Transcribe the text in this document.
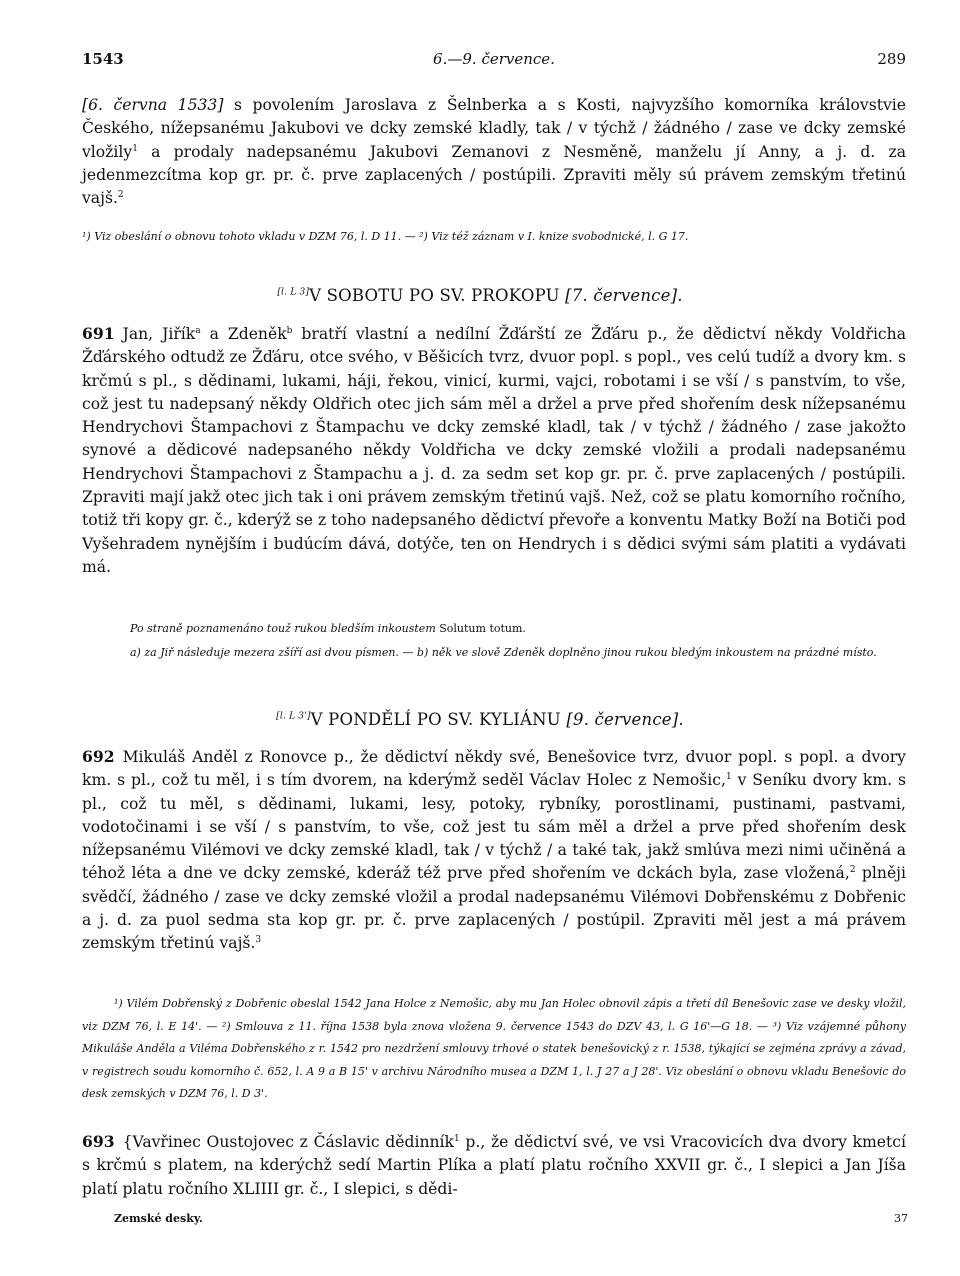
1543	6.—9. července.	289
[6. června 1533] s povolením Jaroslava z Šelnberka a s Kosti, najvyzšího komorníka královstvie Českého, nížepsanému Jakubovi ve dcky zemské kladly, tak / v týchž / žádného / zase ve dcky zemské vložily$^1$ a prodaly nadepsanému Jakubovi Zemanovi z Nesměně, manželu jí Anny, a j. d. za jedenmezcítma kop gr. pr. č. prve zaplacených / postúpili. Zpraviti měly sú právem zemským třetinú vajš.$^2$
¹) Viz obeslání o obnovu tohoto vkladu v DZM 76, l. D 11. — ²) Viz též záznam v I. knize svobodnické, l. G 17.
[l. L 3]V SOBOTU PO SV. PROKOPU [7. července].
691 Jan, Jiřík$^a$ a Zdeněk$^b$ bratří vlastní a nedílní Žďárští ze Žďáru p., že dědictví někdy Voldřicha Žďárského odtudž ze Žďáru, otce svého, v Běšicích tvrz, dvuor popl. s popl., ves celú tudíž a dvory km. s krčmú s pl., s dědinami, lukami, háji, řekou, vinicí, kurmi, vajci, robotami i se vší / s panstvím, to vše, což jest tu nadepsaný někdy Oldřich otec jich sám měl a držel a prve před shořením desk nížepsanému Hendrychovi Štampachovi z Štampachu ve dcky zemské kladl, tak / v týchž / žádného / zase jakožto synové a dědicové nadepsaného někdy Voldřicha ve dcky zemské vložili a prodali nadepsanému Hendrychovi Štampachovi z Štampachu a j. d. za sedm set kop gr. pr. č. prve zaplacených / postúpili. Zpraviti mají jakž otec jich tak i oni právem zemským třetinú vajš. Než, což se platu komorního ročního, totiž tři kopy gr. č., kderýž se z toho nadepsaného dědictví převoře a konventu Matky Boží na Botiči pod Vyšehradem nynějším i budúcím dává, dotýče, ten on Hendrych i s dědici svými sám platiti a vydávati má.
Po straně poznamenáno touž rukou bledším inkoustem Solutum totum.
a) za Jiř následuje mezera zšíří asi dvou písmen. — b) něk ve slově Zdeněk doplněno jinou rukou bledým inkoustem na prázdné místo.
[l. L 3']V PONDĚLÍ PO SV. KYLIÁNU [9. července].
692 Mikuláš Anděl z Ronovce p., že dědictví někdy své, Benešovice tvrz, dvuor popl. s popl. a dvory km. s pl., což tu měl, i s tím dvorem, na kderýmž seděl Václav Holec z Nemošic,$^1$ v Seníku dvory km. s pl., což tu měl, s dědinami, lukami, lesy, potoky, rybníky, porostlinami, pustinami, pastvami, vodotočinami i se vší / s panstvím, to vše, což jest tu sám měl a držel a prve před shořením desk nížepsanému Vilémovi ve dcky zemské kladl, tak / v týchž / a také tak, jakž smlúva mezi nimi učiněná a téhož léta a dne ve dcky zemské, kderáž též prve před shořením ve dckách byla, zase vložená,$^2$ plněji svědčí, žádného / zase ve dcky zemské vložil a prodal nadepsanému Vilémovi Dobřenskému z Dobřenic a j. d. za puol sedma sta kop gr. pr. č. prve zaplacených / postúpil. Zpraviti měl jest a má právem zemským třetinú vajš.$^3$
¹) Vilém Dobřenský z Dobřenic obeslal 1542 Jana Holce z Nemošic, aby mu Jan Holec obnovil zápis a třetí díl Benešovic zase ve desky vložil, viz DZM 76, l. E 14'. — ²) Smlouva z 11. října 1538 byla znova vložena 9. července 1543 do DZV 43, l. G 16'—G 18. — ³) Viz vzájemné půhony Mikuláše Anděla a Viléma Dobřenského z r. 1542 pro nezdržení smlouvy trhové o statek benešovický z r. 1538, týkající se zejména zprávy a závad, v registrech soudu komorního č. 652, l. A 9 a B 15' v archivu Národního musea a DZM 1, l. J 27 a J 28'. Viz obeslání o obnovu vkladu Benešovic do desk zemských v DZM 76, l. D 3'.
693 {Vavřinec Oustojovec z Čáslavic dědinník$^1$ p., že dědictví své, ve vsi Vracovicích dva dvory kmetcí s krčmú s platem, na kderýchž sedí Martin Plíka a platí platu ročního XXVII gr. č., I slepici a Jan Jíša platí platu ročního XLIIII gr. č., I slepici, s dědi-
Zemské desky.	37
